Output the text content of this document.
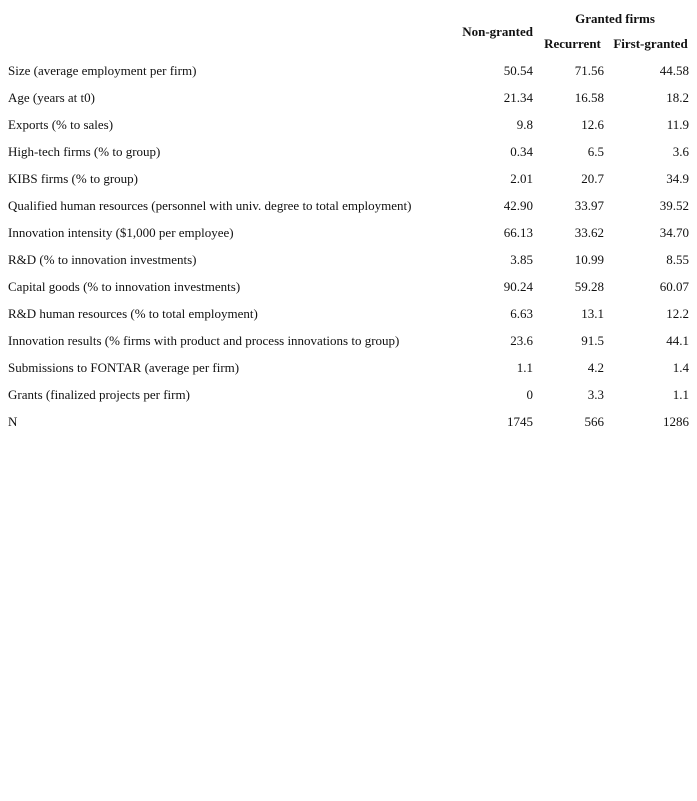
	Non-granted	Granted firms	
		Recurrent	First-granted
Size (average employment per firm)	50.54	71.56	44.58
Age (years at t0)	21.34	16.58	18.2
Exports (% to sales)	9.8	12.6	11.9
High-tech firms (% to group)	0.34	6.5	3.6
KIBS firms (% to group)	2.01	20.7	34.9
Qualified human resources (personnel with univ. degree to total employment)	42.90	33.97	39.52
Innovation intensity ($1,000 per employee)	66.13	33.62	34.70
R&D (% to innovation investments)	3.85	10.99	8.55
Capital goods (% to innovation investments)	90.24	59.28	60.07
R&D human resources (% to total employment)	6.63	13.1	12.2
Innovation results (% firms with product and process innovations to group)	23.6	91.5	44.1
Submissions to FONTAR (average per firm)	1.1	4.2	1.4
Grants (finalized projects per firm)	0	3.3	1.1
N	1745	566	1286
